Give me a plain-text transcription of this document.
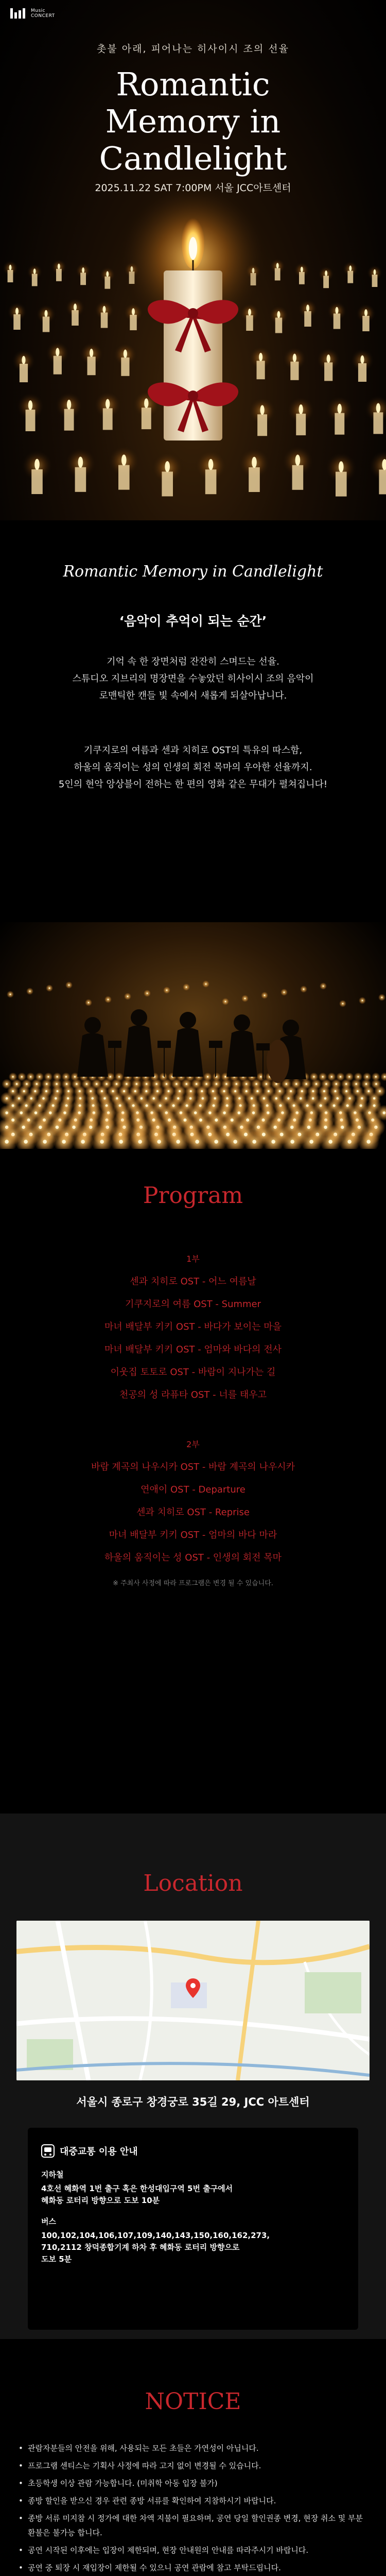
Music
CONCERT
촛불 아래, 피어나는 히사이시 조의 선율
Romantic
Memory in
Candlelight
2025.11.22 SAT 7:00PM 서울 JCC아트센터
Romantic Memory in Candlelight
‘음악이 추억이 되는 순간’
기억 속 한 장면처럼 잔잔히 스며드는 선율.
스튜디오 지브리의 명장면을 수놓았던 히사이시 조의 음악이
로맨틱한 캔들 빛 속에서 새롭게 되살아납니다.
기쿠지로의 여름과 센과 치히로 OST의 특유의 따스함,
하울의 움직이는 성의 인생의 회전 목마의 우아한 선율까지.
5인의 현악 앙상블이 전하는 한 편의 영화 같은 무대가 펼쳐집니다!
Program
1부
센과 치히로 OST - 어느 여름날
기쿠지로의 여름 OST - Summer
마녀 배달부 키키 OST - 바다가 보이는 마을
마녀 배달부 키키 OST - 엄마와 바다의 전사
이웃집 토토로 OST - 바람이 지나가는 길
천공의 성 라퓨타 OST - 너를 태우고
2부
바람 계곡의 나우시카 OST - 바람 계곡의 나우시카
연애이 OST - Departure
센과 치히로 OST - Reprise
마녀 배달부 키키 OST - 엄마의 바다 마라
하울의 움직이는 성 OST - 인생의 회전 목마
※ 주최사 사정에 따라 프로그램은 변경 될 수 있습니다.
Location
서울시 종로구 창경궁로 35길 29, JCC 아트센터
대중교통 이용 안내
지하철

4호선 혜화역 1번 출구 혹은 한성대입구역 5번 출구에서
혜화동 로터리 방향으로 도보 10분

버스

100,102,104,106,107,109,140,143,150,160,162,273,
710,2112 창덕종합기계 하차 후 혜화동 로터리 방향으로
도보 5분

NOTICE
• 관람자분들의 안전을 위해, 사용되는 모든 초들은 가연성이 아닙니다.
• 프로그램 센티스는 기획사 사정에 따라 고지 없이 변경될 수 있습니다.
• 초등학생 이상 관람 가능합니다. (미취학 아동 입장 불가)
• 종방 할인을 받으신 경우 관련 종방 서류를 확인하여 지참하시기 바랍니다.
• 종방 서류 미지참 시 정가에 대한 차액 지불이 필요하며, 공연 당일 할인권종 변경, 현장 취소 및 부분 환불은 불가능 합니다.
• 공연 시작된 이후에는 입장이 제한되며, 현장 안내원의 안내를 따라주시기 바랍니다.
• 공연 중 퇴장 시 재입장이 제한될 수 있으니 공연 관람에 참고 부탁드립니다.
